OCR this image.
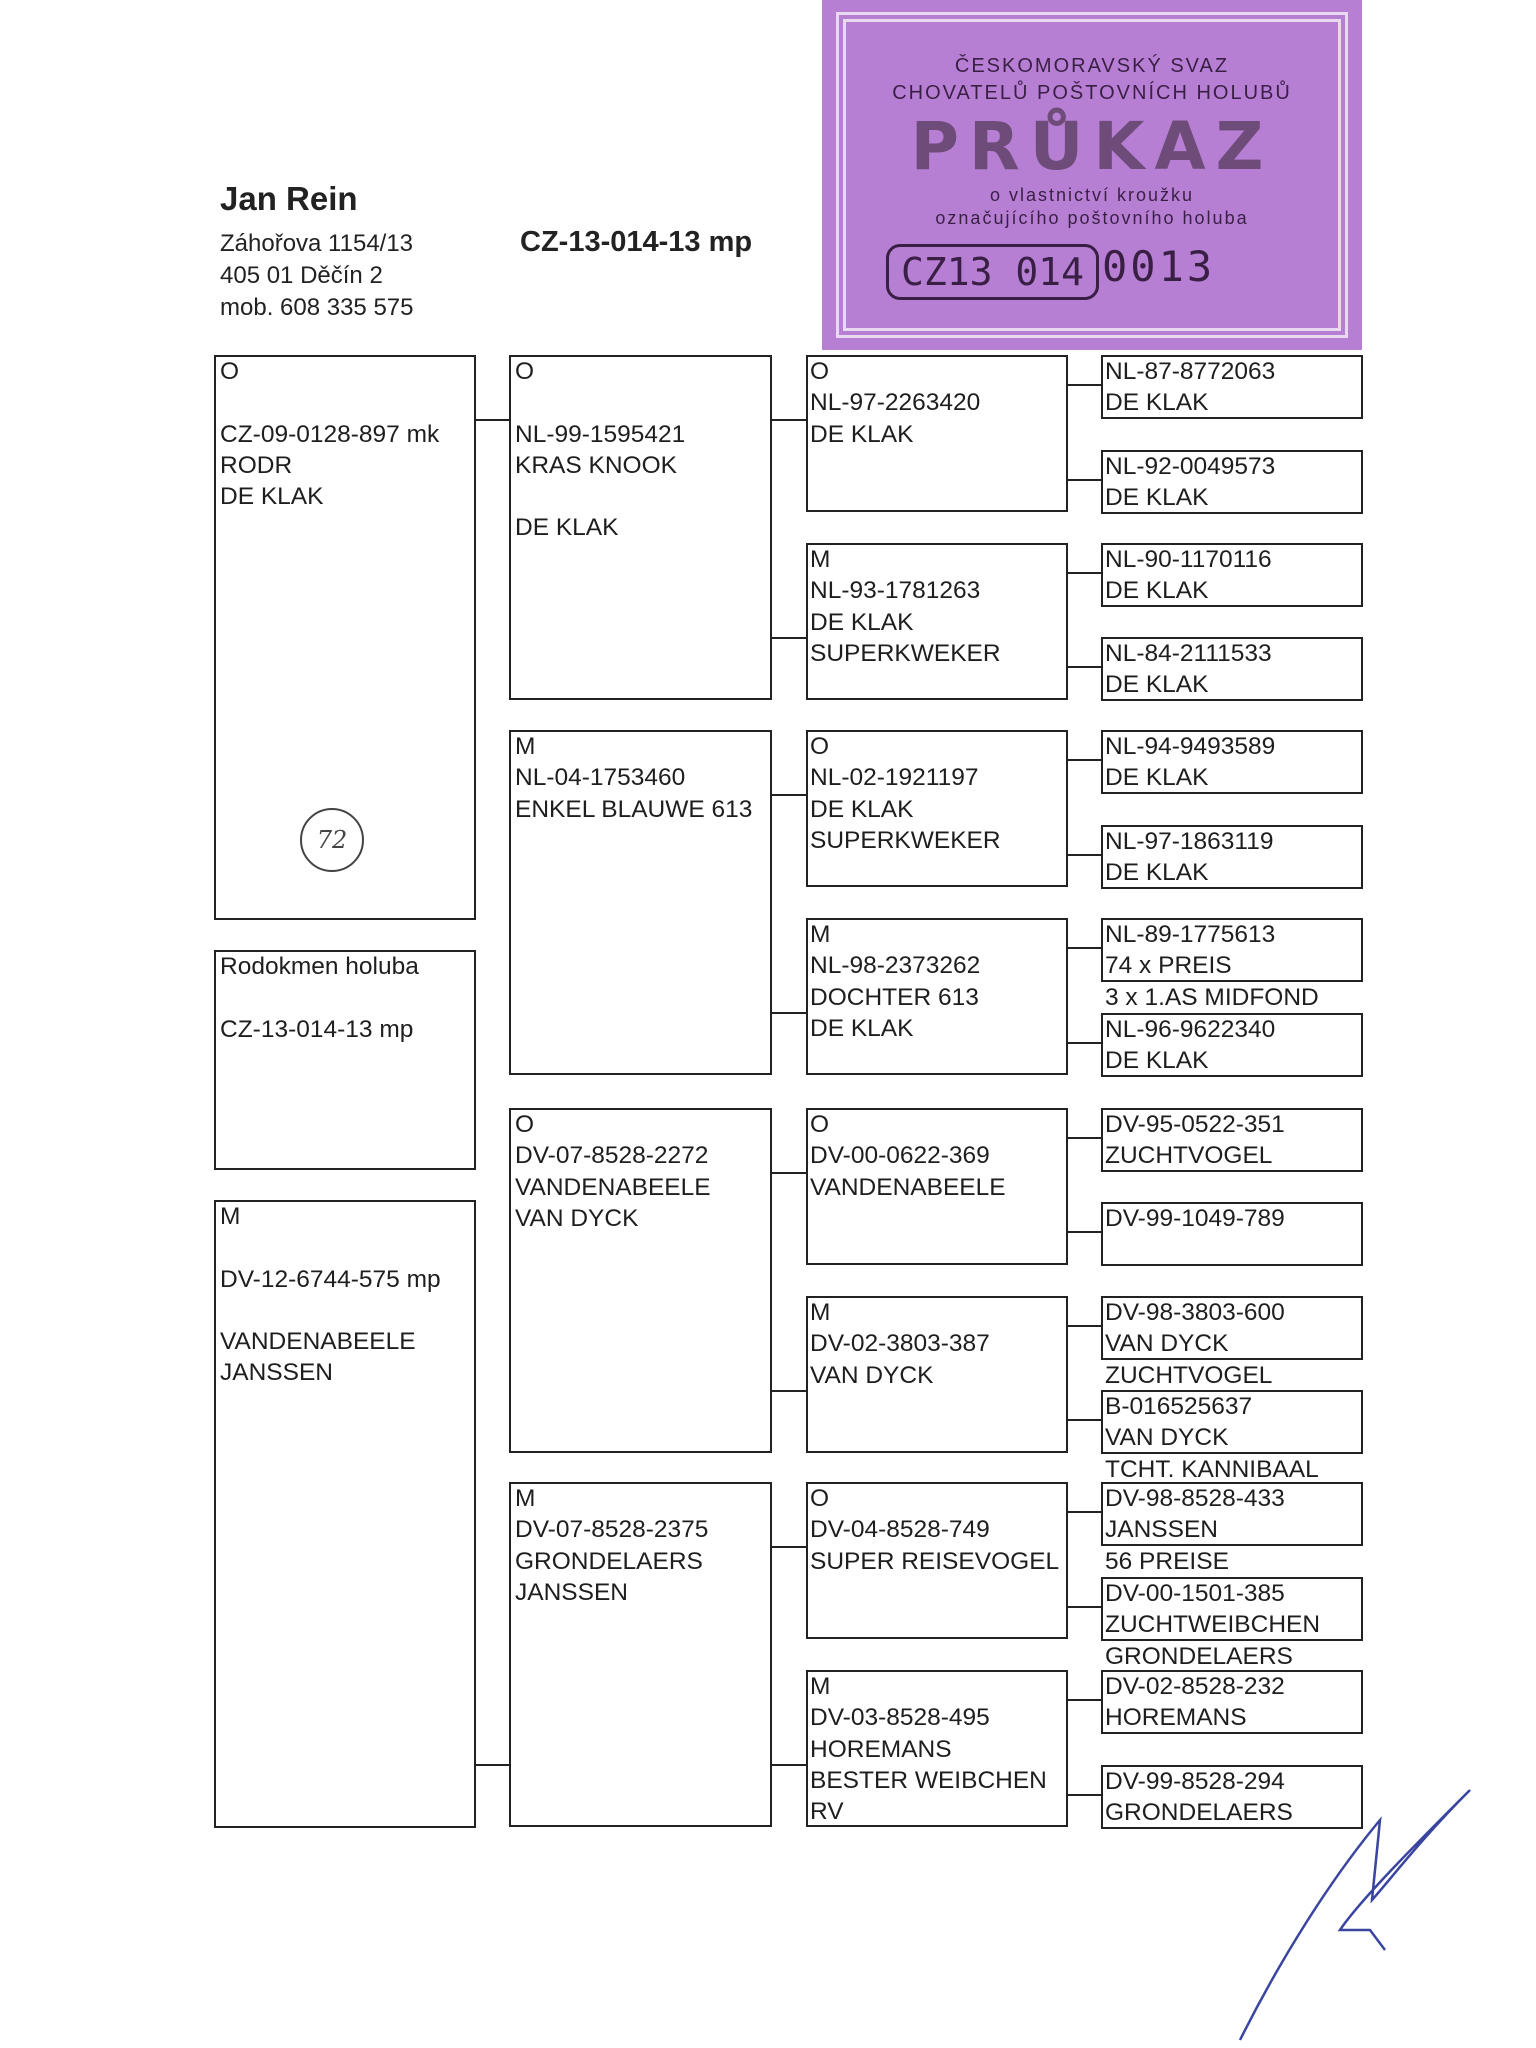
Jan Rein
Záhořova 1154/13
405 01 Děčín 2
mob. 608 335 575
CZ-13-014-13 mp
ČESKOMORAVSKÝ SVAZ
CHOVATELŮ POŠTOVNÍCH HOLUBŮ
PRŮKAZ
o vlastnictví kroužku
označujícího poštovního holuba
CZ13 014 0013
O

CZ-09-0128-897 mk
RODR
DE KLAK
Rodokmen holuba

CZ-13-014-13 mp
M

DV-12-6744-575 mp

VANDENABEELE
JANSSEN
O

NL-99-1595421
KRAS KNOOK

DE KLAK
M
NL-04-1753460
ENKEL BLAUWE 613
O
DV-07-8528-2272
VANDENABEELE
VAN DYCK
M
DV-07-8528-2375
GRONDELAERS
JANSSEN
O
NL-97-2263420
DE KLAK
M
NL-93-1781263
DE KLAK
SUPERKWEKER
O
NL-02-1921197
DE KLAK
SUPERKWEKER
M
NL-98-2373262
DOCHTER 613
DE KLAK
O
DV-00-0622-369
VANDENABEELE
M
DV-02-3803-387
VAN DYCK
O
DV-04-8528-749
SUPER REISEVOGEL
M
DV-03-8528-495
HOREMANS
BESTER WEIBCHEN
RV
NL-87-8772063
DE KLAK
NL-92-0049573
DE KLAK
NL-90-1170116
DE KLAK
NL-84-2111533
DE KLAK
NL-94-9493589
DE KLAK
NL-97-1863119
DE KLAK
NL-89-1775613
74 x PREIS
3 x 1.AS MIDFOND
NL-96-9622340
DE KLAK
DV-95-0522-351
ZUCHTVOGEL
DV-99-1049-789
DV-98-3803-600
VAN DYCK
ZUCHTVOGEL
B-016525637
VAN DYCK
TCHT. KANNIBAAL
DV-98-8528-433
JANSSEN
56 PREISE
DV-00-1501-385
ZUCHTWEIBCHEN
GRONDELAERS
DV-02-8528-232
HOREMANS
DV-99-8528-294
GRONDELAERS
72
